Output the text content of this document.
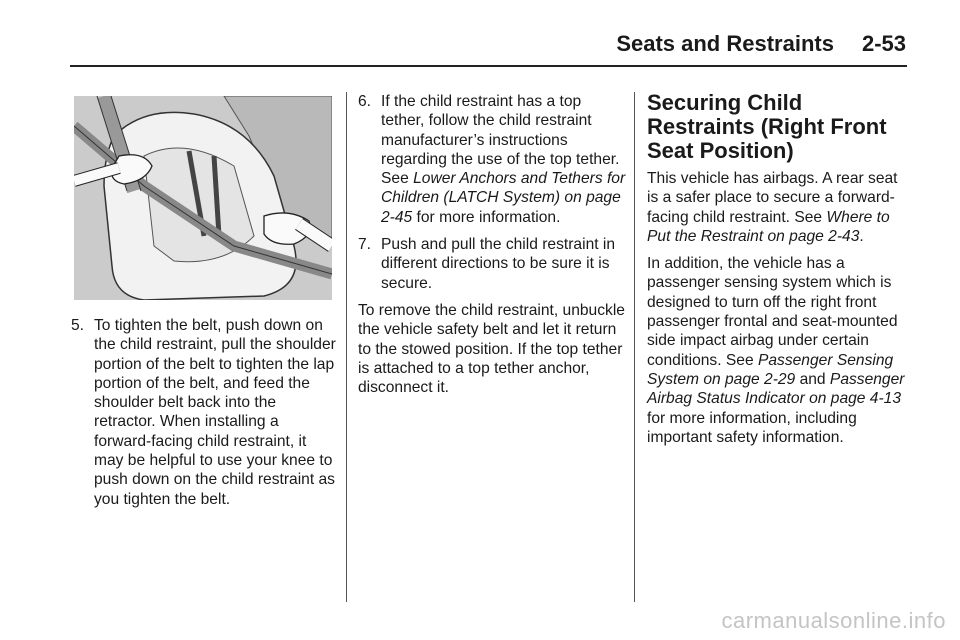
Seats and Restraints 2-53
5. To tighten the belt, push down on the child restraint, pull the shoulder portion of the belt to tighten the lap portion of the belt, and feed the shoulder belt back into the retractor. When installing a forward-facing child restraint, it may be helpful to use your knee to push down on the child restraint as you tighten the belt.
6. If the child restraint has a top tether, follow the child restraint manufacturer’s instructions regarding the use of the top tether. See Lower Anchors and Tethers for Children (LATCH System) on page 2-45 for more information.
7. Push and pull the child restraint in different directions to be sure it is secure.

To remove the child restraint, unbuckle the vehicle safety belt and let it return to the stowed position. If the top tether is attached to a top tether anchor, disconnect it.

Securing Child Restraints (Right Front Seat Position)

This vehicle has airbags. A rear seat is a safer place to secure a forward-facing child restraint. See Where to Put the Restraint on page 2-43.

In addition, the vehicle has a passenger sensing system which is designed to turn off the right front passenger frontal and seat-mounted side impact airbag under certain conditions. See Passenger Sensing System on page 2-29 and Passenger Airbag Status Indicator on page 4-13 for more information, including important safety information.

carmanualsonline.info
